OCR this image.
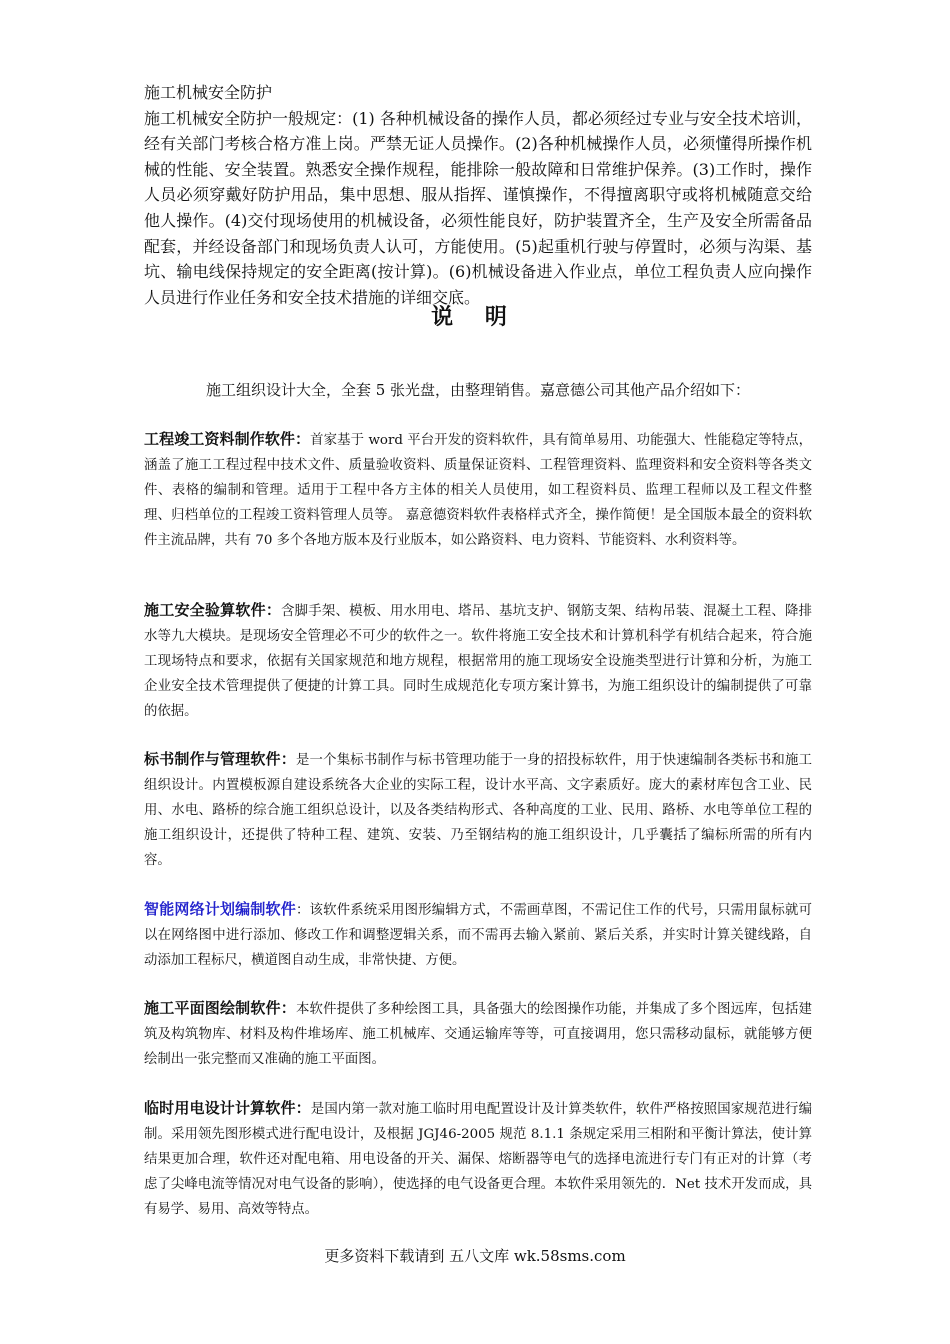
施工机械安全防护

施工机械安全防护一般规定：(1) 各种机械设备的操作人员，都必须经过专业与安全技术培训，经有关部门考核合格方准上岗。严禁无证人员操作。(2)各种机械操作人员，必须懂得所操作机械的性能、安全装置。熟悉安全操作规程，能排除一般故障和日常维护保养。(3)工作时，操作人员必须穿戴好防护用品，集中思想、服从指挥、谨慎操作，不得擅离职守或将机械随意交给他人操作。(4)交付现场使用的机械设备，必须性能良好，防护装置齐全，生产及安全所需备品配套，并经设备部门和现场负责人认可，方能使用。(5)起重机行驶与停置时，必须与沟渠、基坑、输电线保持规定的安全距离(按计算)。(6)机械设备进入作业点，单位工程负责人应向操作人员进行作业任务和安全技术措施的详细交底。

说 明
施工组织设计大全，全套 5 张光盘，由整理销售。嘉意德公司其他产品介绍如下：
工程竣工资料制作软件：首家基于 word 平台开发的资料软件，具有简单易用、功能强大、性能稳定等特点，涵盖了施工工程过程中技术文件、质量验收资料、质量保证资料、工程管理资料、监理资料和安全资料等各类文件、表格的编制和管理。适用于工程中各方主体的相关人员使用，如工程资料员、监理工程师以及工程文件整理、归档单位的工程竣工资料管理人员等。 嘉意德资料软件表格样式齐全，操作简便！是全国版本最全的资料软件主流品牌，共有 70 多个各地方版本及行业版本，如公路资料、电力资料、节能资料、水利资料等。
施工安全验算软件：含脚手架、模板、用水用电、塔吊、基坑支护、钢筋支架、结构吊装、混凝土工程、降排水等九大模块。是现场安全管理必不可少的软件之一。软件将施工安全技术和计算机科学有机结合起来，符合施工现场特点和要求，依据有关国家规范和地方规程，根据常用的施工现场安全设施类型进行计算和分析，为施工企业安全技术管理提供了便捷的计算工具。同时生成规范化专项方案计算书，为施工组织设计的编制提供了可靠的依据。
标书制作与管理软件：是一个集标书制作与标书管理功能于一身的招投标软件，用于快速编制各类标书和施工组织设计。内置模板源自建设系统各大企业的实际工程，设计水平高、文字素质好。庞大的素材库包含工业、民用、水电、路桥的综合施工组织总设计，以及各类结构形式、各种高度的工业、民用、路桥、水电等单位工程的施工组织设计，还提供了特种工程、建筑、安装、乃至钢结构的施工组织设计，几乎囊括了编标所需的所有内容。
智能网络计划编制软件：该软件系统采用图形编辑方式，不需画草图，不需记住工作的代号，只需用鼠标就可以在网络图中进行添加、修改工作和调整逻辑关系，而不需再去输入紧前、紧后关系，并实时计算关键线路，自动添加工程标尺，横道图自动生成，非常快捷、方便。
施工平面图绘制软件：本软件提供了多种绘图工具，具备强大的绘图操作功能，并集成了多个图远库，包括建筑及构筑物库、材料及构件堆场库、施工机械库、交通运输库等等，可直接调用，您只需移动鼠标，就能够方便绘制出一张完整而又准确的施工平面图。
临时用电设计计算软件：是国内第一款对施工临时用电配置设计及计算类软件，软件严格按照国家规范进行编制。采用领先图形模式进行配电设计，及根据 JGJ46-2005 规范 8.1.1 条规定采用三相附和平衡计算法，使计算结果更加合理，软件还对配电箱、用电设备的开关、漏保、熔断器等电气的选择电流进行专门有正对的计算（考虑了尖峰电流等情况对电气设备的影响），使选择的电气设备更合理。本软件采用领先的．Net 技术开发而成，具有易学、易用、高效等特点。
更多资料下载请到 五八文库 wk.58sms.com
